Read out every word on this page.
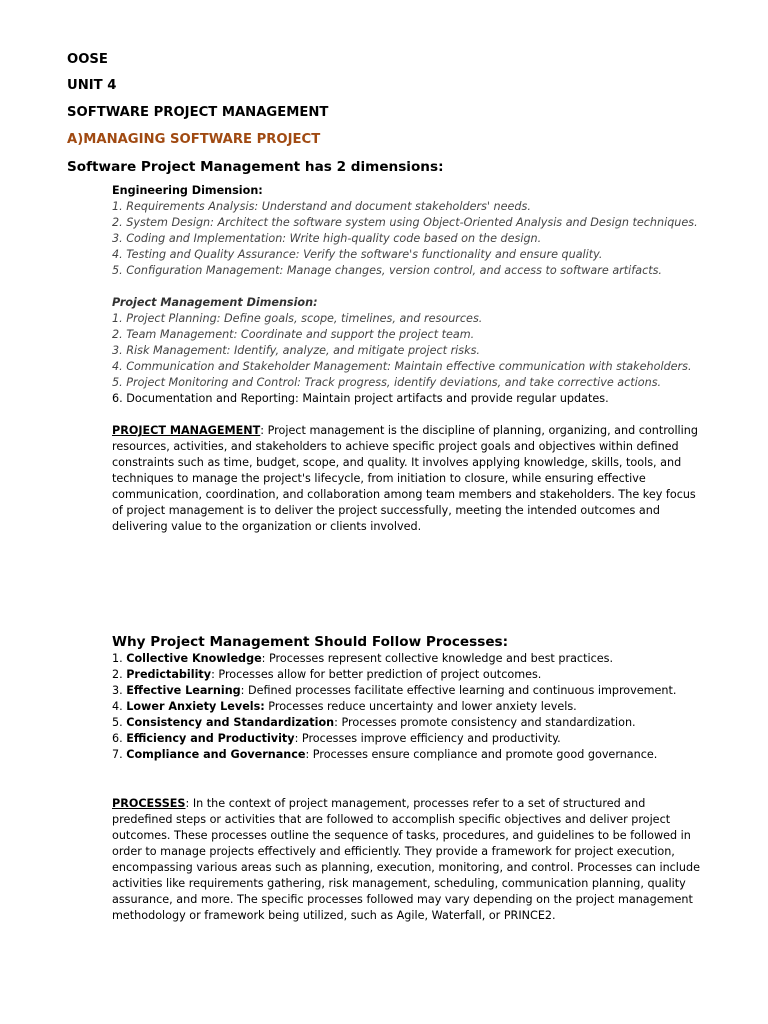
OOSE

UNIT 4

SOFTWARE PROJECT MANAGEMENT

A)MANAGING SOFTWARE PROJECT

Software Project Management has 2 dimensions:

Engineering Dimension:

1. Requirements Analysis: Understand and document stakeholders' needs.
2. System Design: Architect the software system using Object-Oriented Analysis and Design techniques.
3. Coding and Implementation: Write high-quality code based on the design.
4. Testing and Quality Assurance: Verify the software's functionality and ensure quality.
5. Configuration Management: Manage changes, version control, and access to software artifacts.

Project Management Dimension:

1. Project Planning: Define goals, scope, timelines, and resources.
2. Team Management: Coordinate and support the project team.
3. Risk Management: Identify, analyze, and mitigate project risks.
4. Communication and Stakeholder Management: Maintain effective communication with stakeholders.
5. Project Monitoring and Control: Track progress, identify deviations, and take corrective actions.
6. Documentation and Reporting: Maintain project artifacts and provide regular updates.

PROJECT MANAGEMENT: Project management is the discipline of planning, organizing, and controlling resources, activities, and stakeholders to achieve specific project goals and objectives within defined constraints such as time, budget, scope, and quality. It involves applying knowledge, skills, tools, and techniques to manage the project's lifecycle, from initiation to closure, while ensuring effective communication, coordination, and collaboration among team members and stakeholders. The key focus of project management is to deliver the project successfully, meeting the intended outcomes and delivering value to the organization or clients involved.

Why Project Management Should Follow Processes:

1. Collective Knowledge: Processes represent collective knowledge and best practices.
2. Predictability: Processes allow for better prediction of project outcomes.
3. Effective Learning: Defined processes facilitate effective learning and continuous improvement.
4. Lower Anxiety Levels: Processes reduce uncertainty and lower anxiety levels.
5. Consistency and Standardization: Processes promote consistency and standardization.
6. Efficiency and Productivity: Processes improve efficiency and productivity.
7. Compliance and Governance: Processes ensure compliance and promote good governance.

PROCESSES: In the context of project management, processes refer to a set of structured and predefined steps or activities that are followed to accomplish specific objectives and deliver project outcomes. These processes outline the sequence of tasks, procedures, and guidelines to be followed in order to manage projects effectively and efficiently. They provide a framework for project execution, encompassing various areas such as planning, execution, monitoring, and control. Processes can include activities like requirements gathering, risk management, scheduling, communication planning, quality assurance, and more. The specific processes followed may vary depending on the project management methodology or framework being utilized, such as Agile, Waterfall, or PRINCE2.
